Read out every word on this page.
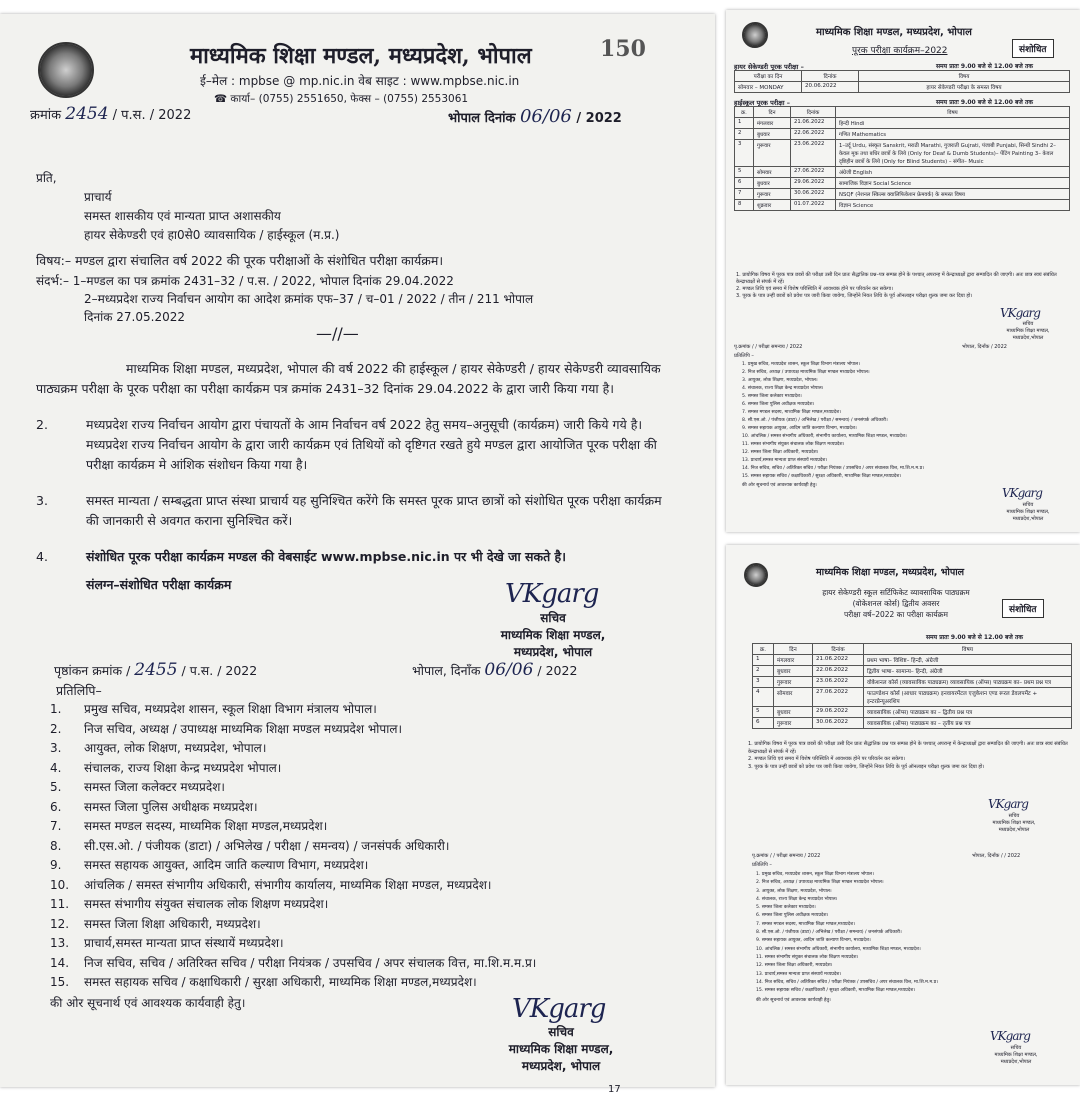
माध्यमिक शिक्षा मण्डल, मध्यप्रदेश, भोपाल
ई–मेल : mpbse @ mp.nic.in वेब साइट : www.mpbse.nic.in
☎ कार्या– (0755) 2551650, फेक्स – (0755) 2553061
150
क्रमांक 2454 / प.स. / 2022	भोपाल दिनांक 06/06 / 2022
प्रति,
प्राचार्य
समस्त शासकीय एवं मान्यता प्राप्त अशासकीय
हायर सेकेण्डरी एवं हा0से0 व्यावसायिक / हाईस्कूल (म.प्र.)
विषय:– मण्डल द्वारा संचालित वर्ष 2022 की पूरक परीक्षाओं के संशोधित परीक्षा कार्यक्रम।
संदर्भ:– 1–मण्डल का पत्र क्रमांक 2431–32 / प.स. / 2022, भोपाल दिनांक 29.04.2022
2–मध्यप्रदेश राज्य निर्वाचन आयोग का आदेश क्रमांक एफ–37 / च–01 / 2022 / तीन / 211 भोपाल
दिनांक 27.05.2022
—//—
माध्यमिक शिक्षा मण्डल, मध्यप्रदेश, भोपाल की वर्ष 2022 की हाईस्कूल / हायर सेकेण्डरी / हायर सेकेण्डरी व्यावसायिक पाठ्यक्रम परीक्षा के पूरक परीक्षा का परीक्षा कार्यक्रम पत्र क्रमांक 2431–32 दिनांक 29.04.2022 के द्वारा जारी किया गया है।
2.	मध्यप्रदेश राज्य निर्वाचन आयोग द्वारा पंचायतों के आम निर्वाचन वर्ष 2022 हेतु समय–अनुसूची (कार्यक्रम) जारी किये गये है। मध्यप्रदेश राज्य निर्वाचन आयोग के द्वारा जारी कार्यक्रम एवं तिथियों को दृष्टिगत रखते हुये मण्डल द्वारा आयोजित पूरक परीक्षा की परीक्षा कार्यक्रम मे आंशिक संशोधन किया गया है।
3.	समस्त मान्यता / सम्बद्धता प्राप्त संस्था प्राचार्य यह सुनिश्चित करेंगे कि समस्त पूरक प्राप्त छात्रों को संशोधित पूरक परीक्षा कार्यक्रम की जानकारी से अवगत कराना सुनिश्चित करें।
4.	संशोधित पूरक परीक्षा कार्यक्रम मण्डल की वेबसाईट www.mpbse.nic.in पर भी देखे जा सकते है।
संलग्न–संशोधित परीक्षा कार्यक्रम	VKgarg
सचिव
माध्यमिक शिक्षा मण्डल,
मध्यप्रदेश, भोपाल
पृष्ठांकन क्रमांक / 2455 / प.स. / 2022	भोपाल, दिनाँक 06/06 / 2022
प्रतिलिपि–
1.	प्रमुख सचिव, मध्यप्रदेश शासन, स्कूल शिक्षा विभाग मंत्रालय भोपाल।
2.	निज सचिव, अध्यक्ष / उपाध्यक्ष माध्यमिक शिक्षा मण्डल मध्यप्रदेश भोपाल।
3.	आयुक्त, लोक शिक्षण, मध्यप्रदेश, भोपाल।
4.	संचालक, राज्य शिक्षा केन्द्र मध्यप्रदेश भोपाल।
5.	समस्त जिला कलेक्टर मध्यप्रदेश।
6.	समस्त जिला पुलिस अधीक्षक मध्यप्रदेश।
7.	समस्त मण्डल सदस्य, माध्यमिक शिक्षा मण्डल,मध्यप्रदेश।
8.	सी.एस.ओ. / पंजीयक (डाटा) / अभिलेख / परीक्षा / समन्वय) / जनसंपर्क अधिकारी।
9.	समस्त सहायक आयुक्त, आदिम जाति कल्याण विभाग, मध्यप्रदेश।
10.	आंचलिक / समस्त संभागीय अधिकारी, संभागीय कार्यालय, माध्यमिक शिक्षा मण्डल, मध्यप्रदेश।
11.	समस्त संभागीय संयुक्त संचालक लोक शिक्षण मध्यप्रदेश।
12.	समस्त जिला शिक्षा अधिकारी, मध्यप्रदेश।
13.	प्राचार्य,समस्त मान्यता प्राप्त संस्थायें मध्यप्रदेश।
14.	निज सचिव, सचिव / अतिरिक्त सचिव / परीक्षा नियंत्रक / उपसचिव / अपर संचालक वित्त, मा.शि.म.म.प्र।
15.	समस्त सहायक सचिव / कक्षाधिकारी / सुरक्षा अधिकारी, माध्यमिक शिक्षा मण्डल,मध्यप्रदेश।
की ओर सूचनार्थ एवं आवश्यक कार्यवाही हेतु।	VKgarg
सचिव
माध्यमिक शिक्षा मण्डल,
मध्यप्रदेश, भोपाल
17
माध्यमिक शिक्षा मण्डल, मध्यप्रदेश, भोपाल
पूरक परीक्षा कार्यक्रम–2022	संशोधित
हायर सेकेण्डरी पूरक परीक्षा –	समय प्रातः 9.00 बजे से 12.00 बजे तक
परीक्षा का दिन	दिनांक	विषय
सोमवार – MONDAY	20.06.2022	हायर सेकेण्डरी परीक्षा के समस्त विषय
हाईस्कूल पूरक परीक्षा –	समय प्रातः 9.00 बजे से 12.00 बजे तक
क्र.	दिन	दिनांक	विषय
1	मंगलवार	21.06.2022	हिन्दी Hindi
2	बुधवार	22.06.2022	गणित Mathematics
3	गुरूवार	23.06.2022	1–उर्दू Urdu, संस्कृत Sanskrit, मराठी Marathi, गुजराती Gujrati, पंजाबी Punjabi, सिन्धी Sindhi 2– केवल मूक तथा बधिर छात्रों के लिये (Only for Deaf & Dumb Students)– पेंटिंग Painting 3– केवल दृष्टिहीन छात्रों के लिये (Only for Blind Students) – संगीत– Music
5	सोमवार	27.06.2022	अंग्रेजी English
6	बुधवार	29.06.2022	सामाजिक विज्ञान Social Science
7	गुरूवार	30.06.2022	NSQF (नेशनल स्किल्स क्वालिफिकेशन फ्रेमवर्क) के समस्त विषय
8	शुक्रवार	01.07.2022	विज्ञान Science
1. प्रायोगिक विषय में पूरक पात्र छात्रों की परीक्षा उसी दिन प्रातः सैद्धांतिक प्रश्न–पत्र सम्पन्न होने के पश्चात् अपरान्ह में केन्द्राध्यक्षों द्वारा सम्पादित की जाएगी। अतः छात्र स्वयं संबंधित केन्द्राध्यक्षों से संपर्क में रहें।
2. मण्डल तिथि एवं समय में विशेष परिस्थिति में आवश्यक होने पर परिवर्तन कर सकेगा।
3. पूरक के पात्र उन्हीं छात्रों को प्रवेश पत्र जारी किया जायेगा, जिन्होंने नियत तिथि के पूर्व ऑनलाइन परीक्षा शुल्क जमा कर दिया हो।
VKgarg
सचिव
माध्यमिक शिक्षा मण्डल,
मध्यप्रदेश,भोपाल
पृ.क्रमांक / / परीक्षा समन्वय / 2022	भोपाल, दिनाँक / 2022
प्रतिलिपि –
1. प्रमुख सचिव, मध्यप्रदेश शासन, स्कूल शिक्षा विभाग मंत्रालय भोपाल।
2. निज सचिव, अध्यक्ष / उपाध्यक्ष माध्यमिक शिक्षा मण्डल मध्यप्रदेश भोपाल।
3. आयुक्त, लोक शिक्षण, मध्यप्रदेश, भोपाल।
4. संचालक, राज्य शिक्षा केन्द्र मध्यप्रदेश भोपाल।
5. समस्त जिला कलेक्टर मध्यप्रदेश।
6. समस्त जिला पुलिस अधीक्षक मध्यप्रदेश।
7. समस्त मण्डल सदस्य, माध्यमिक शिक्षा मण्डल,मध्यप्रदेश।
8. सी.एस.ओ. / पंजीयक (डाटा) / अभिलेख / परीक्षा / समन्वय) / जनसंपर्क अधिकारी।
9. समस्त सहायक आयुक्त, आदिम जाति कल्याण विभाग, मध्यप्रदेश।
10. आंचलिक / समस्त संभागीय अधिकारी, संभागीय कार्यालय, माध्यमिक शिक्षा मण्डल, मध्यप्रदेश।
11. समस्त संभागीय संयुक्त संचालक लोक शिक्षण मध्यप्रदेश।
12. समस्त जिला शिक्षा अधिकारी, मध्यप्रदेश।
13. प्राचार्य,समस्त मान्यता प्राप्त संस्थायें मध्यप्रदेश।
14. निज सचिव, सचिव / अतिरिक्त सचिव / परीक्षा नियंत्रक / उपसचिव / अपर संचालक वित्त, मा.शि.म.म.प्र।
15. समस्त सहायक सचिव / कक्षाधिकारी / सुरक्षा अधिकारी, माध्यमिक शिक्षा मण्डल,मध्यप्रदेश।
की ओर सूचनार्थ एवं आवश्यक कार्यवाही हेतु।
VKgarg
सचिव
माध्यमिक शिक्षा मण्डल,
मध्यप्रदेश,भोपाल
माध्यमिक शिक्षा मण्डल, मध्यप्रदेश, भोपाल
हायर सेकेण्डरी स्कूल सर्टिफिकेट व्यावसायिक पाठ्यक्रम
(वोकेशनल कोर्स) द्वितीय अवसर
परीक्षा वर्ष–2022 का परीक्षा कार्यक्रम	संशोधित
समय प्रातः 9.00 बजे से 12.00 बजे तक
क्र.	दिन	दिनांक	विषय
1	मंगलवार	21.06.2022	प्रथम भाषा– विशिष्ट– हिन्दी, अंग्रेजी
2	बुधवार	22.06.2022	द्वितीय भाषा– सामान्य– हिन्दी, अंग्रेजी
3	गुरूवार	23.06.2022	वोकेशनल कोर्स (व्यावसायिक पाठ्यक्रम) व्यावसायिक (ऑप्स) पाठ्यक्रम का– प्रथम प्रश्न पत्र
4	सोमवार	27.06.2022	फाउण्डेशन कोर्स (आधार पाठ्यक्रम) इनवायरमेंटल एजुकेशन एण्ड रूरल डेवलपमेंट + इन्टरप्रेन्यूअरशिप
5	बुधवार	29.06.2022	व्यावसायिक (ऑप्स) पाठ्यक्रम का – द्वितीय प्रश्न पत्र
6	गुरूवार	30.06.2022	व्यावसायिक (ऑप्स) पाठ्यक्रम का – तृतीय प्रश्न पत्र
1. प्रायोगिक विषय में पूरक पात्र छात्रों की परीक्षा उसी दिन प्रातः सैद्धांतिक प्रश्न पत्र सम्पन्न होने के पश्चात् अपरान्ह में केन्द्राध्यक्षों द्वारा सम्पादित की जाएगी। अतः छात्र स्वयं संबंधित केन्द्राध्यक्षों से संपर्क में रहें।
2. मण्डल तिथि एवं समय में विशेष परिस्थिति में आवश्यक होने पर परिवर्तन कर सकेगा।
3. पूरक के पात्र उन्हीं छात्रों को प्रवेश पत्र जारी किया जायेगा, जिन्होंने नियत तिथि के पूर्व ऑनलाइन परीक्षा शुल्क जमा कर दिया हो।
VKgarg
सचिव
माध्यमिक शिक्षा मण्डल,
मध्यप्रदेश,भोपाल
पृ.क्रमांक / / परीक्षा समन्वय / 2022	भोपाल, दिनाँक / / 2022
प्रतिलिपि –
1. प्रमुख सचिव, मध्यप्रदेश शासन, स्कूल शिक्षा विभाग मंत्रालय भोपाल।
2. निज सचिव, अध्यक्ष / उपाध्यक्ष माध्यमिक शिक्षा मण्डल मध्यप्रदेश भोपाल।
3. आयुक्त, लोक शिक्षण, मध्यप्रदेश, भोपाल।
4. संचालक, राज्य शिक्षा केन्द्र मध्यप्रदेश भोपाल।
5. समस्त जिला कलेक्टर मध्यप्रदेश।
6. समस्त जिला पुलिस अधीक्षक मध्यप्रदेश।
7. समस्त मण्डल सदस्य, माध्यमिक शिक्षा मण्डल,मध्यप्रदेश।
8. सी.एस.ओ. / पंजीयक (डाटा) / अभिलेख / परीक्षा / समन्वय) / जनसंपर्क अधिकारी।
9. समस्त सहायक आयुक्त, आदिम जाति कल्याण विभाग, मध्यप्रदेश।
10. आंचलिक / समस्त संभागीय अधिकारी, संभागीय कार्यालय, माध्यमिक शिक्षा मण्डल, मध्यप्रदेश।
11. समस्त संभागीय संयुक्त संचालक लोक शिक्षण मध्यप्रदेश।
12. समस्त जिला शिक्षा अधिकारी, मध्यप्रदेश।
13. प्राचार्य,समस्त मान्यता प्राप्त संस्थायें मध्यप्रदेश।
14. निज सचिव, सचिव / अतिरिक्त सचिव / परीक्षा नियंत्रक / उपसचिव / अपर संचालक वित्त, मा.शि.म.म.प्र।
15. समस्त सहायक सचिव / कक्षाधिकारी / सुरक्षा अधिकारी, माध्यमिक शिक्षा मण्डल,मध्यप्रदेश।
की ओर सूचनार्थ एवं आवश्यक कार्यवाही हेतु।
VKgarg
सचिव
माध्यमिक शिक्षा मण्डल,
मध्यप्रदेश,भोपाल
